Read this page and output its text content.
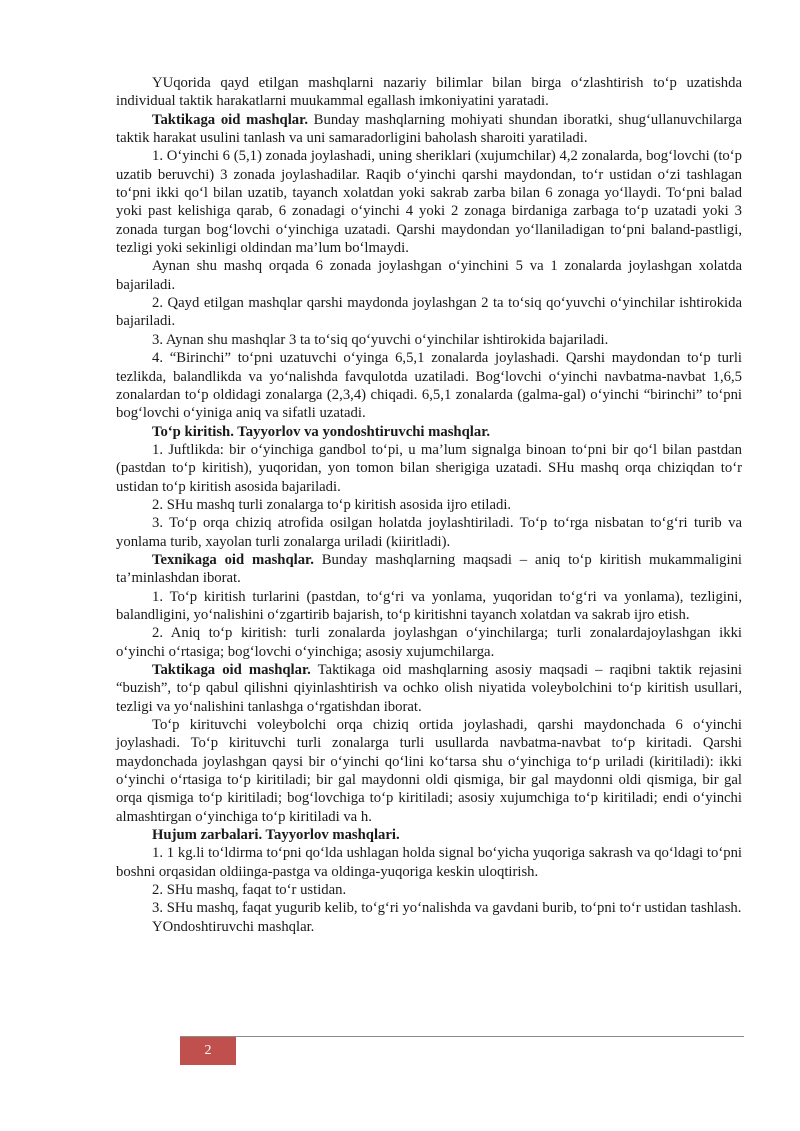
YUqorida qayd etilgan mashqlarni nazariy bilimlar bilan birga o‘zlashtirish to‘p uzatishda individual taktik harakatlarni muukammal egallash imkoniyatini yaratadi.

Taktikaga oid mashqlar. Bunday mashqlarning mohiyati shundan iboratki, shug‘ullanuvchilarga taktik harakat usulini tanlash va uni samaradorligini baholash sharoiti yaratiladi.

1. O‘yinchi 6 (5,1) zonada joylashadi, uning sheriklari (xujumchilar) 4,2 zonalarda, bog‘lovchi (to‘p uzatib beruvchi) 3 zonada joylashadilar. Raqib o‘yinchi qarshi maydondan, to‘r ustidan o‘zi tashlagan to‘pni ikki qo‘l bilan uzatib, tayanch xolatdan yoki sakrab zarba bilan 6 zonaga yo‘llaydi. To‘pni balad yoki past kelishiga qarab, 6 zonadagi o‘yinchi 4 yoki 2 zonaga birdaniga zarbaga to‘p uzatadi yoki 3 zonada turgan bog‘lovchi o‘yinchiga uzatadi. Qarshi maydondan yo‘llaniladigan to‘pni baland-pastligi, tezligi yoki sekinligi oldindan ma’lum bo‘lmaydi.

Aynan shu mashq orqada 6 zonada joylashgan o‘yinchini 5 va 1 zonalarda joylashgan xolatda bajariladi.

2. Qayd etilgan mashqlar qarshi maydonda joylashgan 2 ta to‘siq qo‘yuvchi o‘yinchilar ishtirokida bajariladi.

3. Aynan shu mashqlar 3 ta to‘siq qo‘yuvchi o‘yinchilar ishtirokida bajariladi.

4. “Birinchi” to‘pni uzatuvchi o‘yinga 6,5,1 zonalarda joylashadi. Qarshi maydondan to‘p turli tezlikda, balandlikda va yo‘nalishda favqulotda uzatiladi. Bog‘lovchi o‘yinchi navbatma-navbat 1,6,5 zonalardan to‘p oldidagi zonalarga (2,3,4) chiqadi. 6,5,1 zonalarda (galma-gal) o‘yinchi “birinchi” to‘pni bog‘lovchi o‘yiniga aniq va sifatli uzatadi.

To‘p kiritish. Tayyorlov va yondoshtiruvchi mashqlar.

1. Juftlikda: bir o‘yinchiga gandbol to‘pi, u ma’lum signalga binoan to‘pni bir qo‘l bilan pastdan (pastdan to‘p kiritish), yuqoridan, yon tomon bilan sherigiga uzatadi. SHu mashq orqa chiziqdan to‘r ustidan to‘p kiritish asosida bajariladi.

2. SHu mashq turli zonalarga to‘p kiritish asosida ijro etiladi.

3. To‘p orqa chiziq atrofida osilgan holatda joylashtiriladi. To‘p to‘rga nisbatan to‘g‘ri turib va yonlama turib, xayolan turli zonalarga uriladi (kiiritladi).

Texnikaga oid mashqlar. Bunday mashqlarning maqsadi – aniq to‘p kiritish mukammaligini ta’minlashdan iborat.

1. To‘p kiritish turlarini (pastdan, to‘g‘ri va yonlama, yuqoridan to‘g‘ri va yonlama), tezligini, balandligini, yo‘nalishini o‘zgartirib bajarish, to‘p kiritishni tayanch xolatdan va sakrab ijro etish.

2. Aniq to‘p kiritish: turli zonalarda joylashgan o‘yinchilarga; turli zonalardajoylashgan ikki o‘yinchi o‘rtasiga; bog‘lovchi o‘yinchiga; asosiy xujumchilarga.

Taktikaga oid mashqlar. Taktikaga oid mashqlarning asosiy maqsadi – raqibni taktik rejasini “buzish”, to‘p qabul qilishni qiyinlashtirish va ochko olish niyatida voleybolchini to‘p kiritish usullari, tezligi va yo‘nalishini tanlashga o‘rgatishdan iborat.

To‘p kirituvchi voleybolchi orqa chiziq ortida joylashadi, qarshi maydonchada 6 o‘yinchi joylashadi. To‘p kirituvchi turli zonalarga turli usullarda navbatma-navbat to‘p kiritadi. Qarshi maydonchada joylashgan qaysi bir o‘yinchi qo‘lini ko‘tarsa shu o‘yinchiga to‘p uriladi (kiritiladi): ikki o‘yinchi o‘rtasiga to‘p kiritiladi; bir gal maydonni oldi qismiga, bir gal maydonni oldi qismiga, bir gal orqa qismiga to‘p kiritiladi; bog‘lovchiga to‘p kiritiladi; asosiy xujumchiga to‘p kiritiladi; endi o‘yinchi almashtirgan o‘yinchiga to‘p kiritiladi va h.

Hujum zarbalari. Tayyorlov mashqlari.

1. 1 kg.li to‘ldirma to‘pni qo‘lda ushlagan holda signal bo‘yicha yuqoriga sakrash va qo‘ldagi to‘pni boshni orqasidan oldiinga-pastga va oldinga-yuqoriga keskin uloqtirish.

2. SHu mashq, faqat to‘r ustidan.

3. SHu mashq, faqat yugurib kelib, to‘g‘ri yo‘nalishda va gavdani burib, to‘pni to‘r ustidan tashlash.

YOndoshtiruvchi mashqlar.

2
